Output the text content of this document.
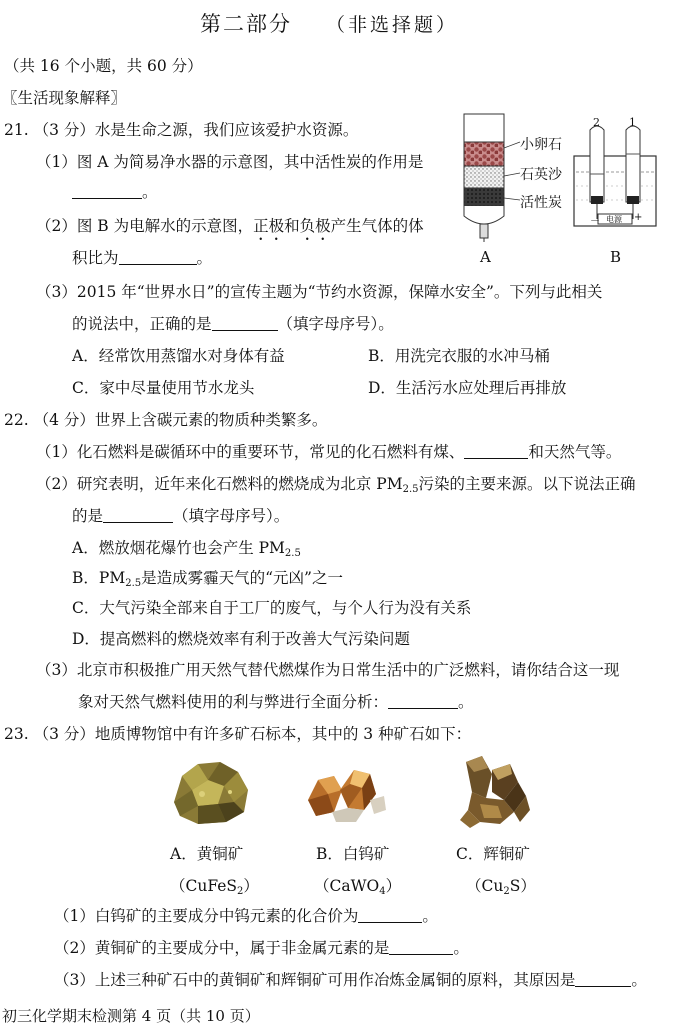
第二部分 （非选择题）
（共 16 个小题，共 60 分）
〖生活现象解释〗
21. （3 分）水是生命之源，我们应该爱护水资源。
（1）图 A 为简易净水器的示意图，其中活性炭的作用是
。
（2）图 B 为电解水的示意图，正极和负极产生气体的体
积比为	。
（3）2015 年“世界水日”的宣传主题为“节约水资源，保障水安全”。下列与此相关
的说法中，正确的是	（填字母序号）。
A．经常饮用蒸馏水对身体有益	B．用洗完衣服的水冲马桶
C．家中尽量使用节水龙头	D．生活污水应处理后再排放
小卵石
石英沙
活性炭
A
2	1
电源
－	+
B
22. （4 分）世界上含碳元素的物质种类繁多。
（1）化石燃料是碳循环中的重要环节，常见的化石燃料有煤、	和天然气等。
（2）研究表明，近年来化石燃料的燃烧成为北京 $PM_{2.5}$污染的主要来源。以下说法正确
的是	（填字母序号）。
A．燃放烟花爆竹也会产生 $PM_{2.5}$
B．$PM_{2.5}$是造成雾霾天气的“元凶”之一
C．大气污染全部来自于工厂的废气，与个人行为没有关系
D．提高燃料的燃烧效率有利于改善大气污染问题
（3）北京市积极推广用天然气替代燃煤作为日常生活中的广泛燃料，请你结合这一现
象对天然气燃料使用的利与弊进行全面分析：	。
23. （3 分）地质博物馆中有许多矿石标本，其中的 3 种矿石如下：
A．黄铜矿	B．白钨矿	C．辉铜矿
（CuFeS$_2$）	（CaWO$_4$）	$(Cu_2S)$
（1）白钨矿的主要成分中钨元素的化合价为	。
（2）黄铜矿的主要成分中，属于非金属元素的是	。
（3）上述三种矿石中的黄铜矿和辉铜矿可用作冶炼金属铜的原料，其原因是	。
初三化学期末检测第 4 页（共 10 页）
